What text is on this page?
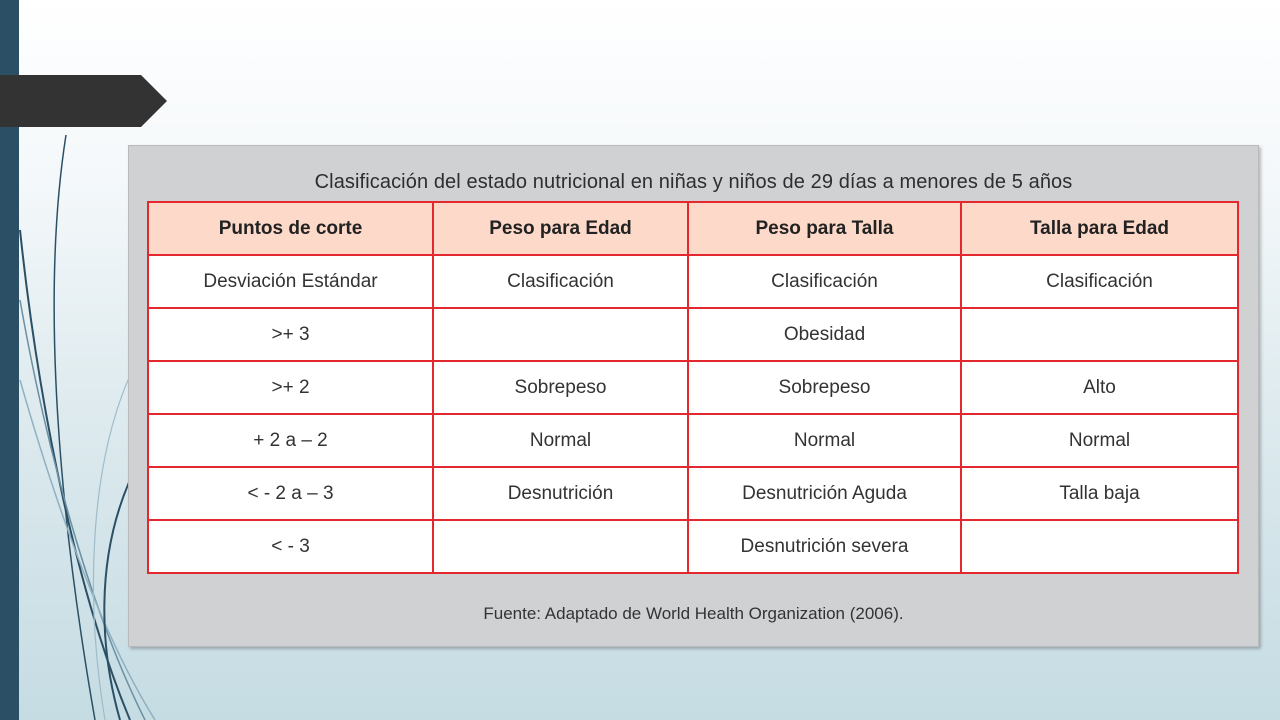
Clasificación del estado nutricional en niñas y niños de 29 días a menores de 5 años
Puntos de corte	Peso para Edad	Peso para Talla	Talla para Edad
Desviación Estándar	Clasificación	Clasificación	Clasificación
>+ 3		Obesidad	
>+ 2	Sobrepeso	Sobrepeso	Alto
+ 2 a – 2	Normal	Normal	Normal
< - 2 a – 3	Desnutrición	Desnutrición Aguda	Talla baja
< - 3		Desnutrición severa	
Fuente: Adaptado de World Health Organization (2006).
